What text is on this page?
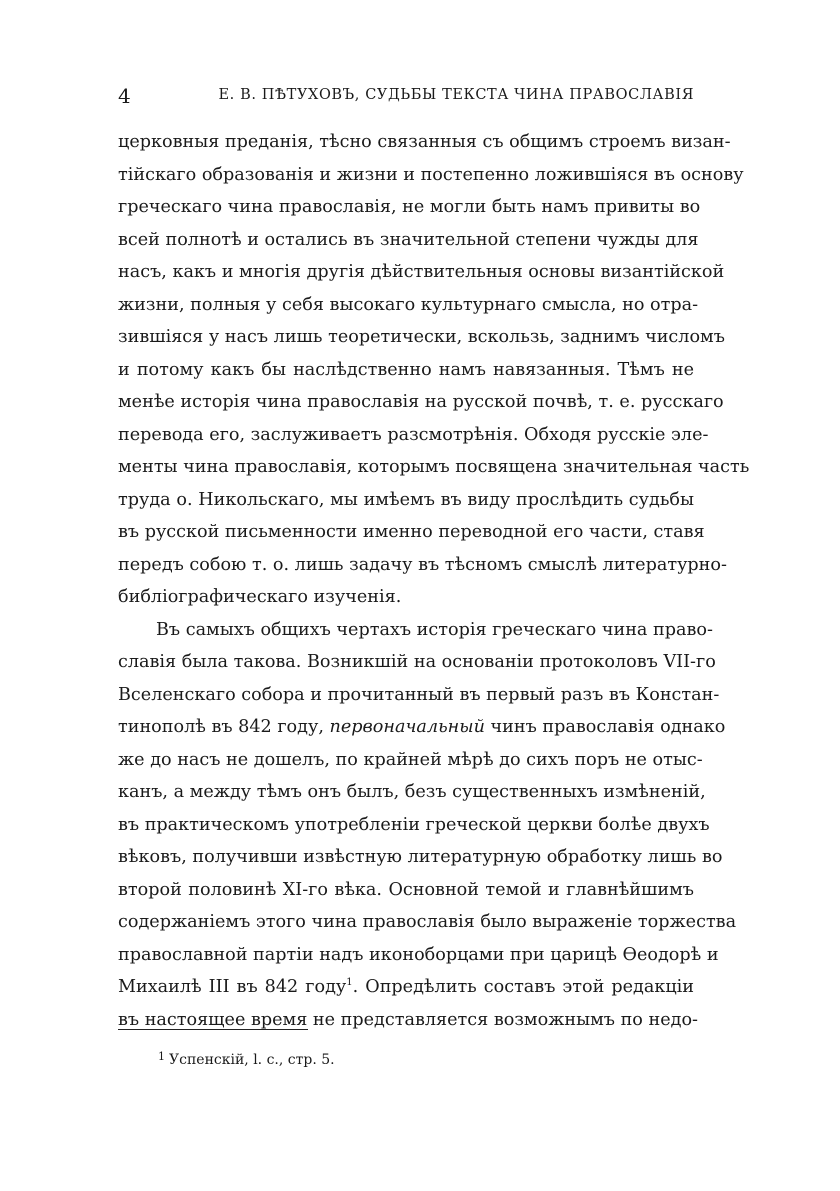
4	Е. В. ПѢТУХОВЪ, СУДЬБЫ ТЕКСТА ЧИНА ПРАВОСЛАВІЯ
церковныя преданія, тѣсно связанныя съ общимъ строемъ визан-
тійскаго образованія и жизни и постепенно ложившіяся въ основу
греческаго чина православія, не могли быть намъ привиты во
всей полнотѣ и остались въ значительной степени чужды для
насъ, какъ и многія другія дѣйствительныя основы византійской
жизни, полныя у себя высокаго культурнаго смысла, но отра-
зившіяся у насъ лишь теоретически, вскользь, заднимъ числомъ
и потому какъ бы наслѣдственно намъ навязанныя. Тѣмъ не
менѣе исторія чина православія на русской почвѣ, т. е. русскаго
перевода его, заслуживаетъ разсмотрѣнія. Обходя русскіе эле-
менты чина православія, которымъ посвящена значительная часть
труда о. Никольскаго, мы имѣемъ въ виду прослѣдить судьбы
въ русской письменности именно переводной его части, ставя
передъ собою т. о. лишь задачу въ тѣсномъ смыслѣ литературно-
библіографическаго изученія.
Въ самыхъ общихъ чертахъ исторія греческаго чина право-
славія была такова. Возникшій на основаніи протоколовъ VII-го
Вселенскаго собора и прочитанный въ первый разъ въ Констан-
тинополѣ въ 842 году, первоначальный чинъ православія однако
же до насъ не дошелъ, по крайней мѣрѣ до сихъ поръ не отыс-
канъ, а между тѣмъ онъ былъ, безъ существенныхъ измѣненій,
въ практическомъ употребленіи греческой церкви болѣе двухъ
вѣковъ, получивши извѣстную литературную обработку лишь во
второй половинѣ XI-го вѣка. Основной темой и главнѣйшимъ
содержаніемъ этого чина православія было выраженіе торжества
православной партіи надъ иконоборцами при царицѣ Ѳеодорѣ и
Михаилѣ III въ 842 году$^1$. Опредѣлить составъ этой редакціи
въ настоящее время не представляется возможнымъ по недо-
$^1$ Успенскій, l. c., стр. 5.
